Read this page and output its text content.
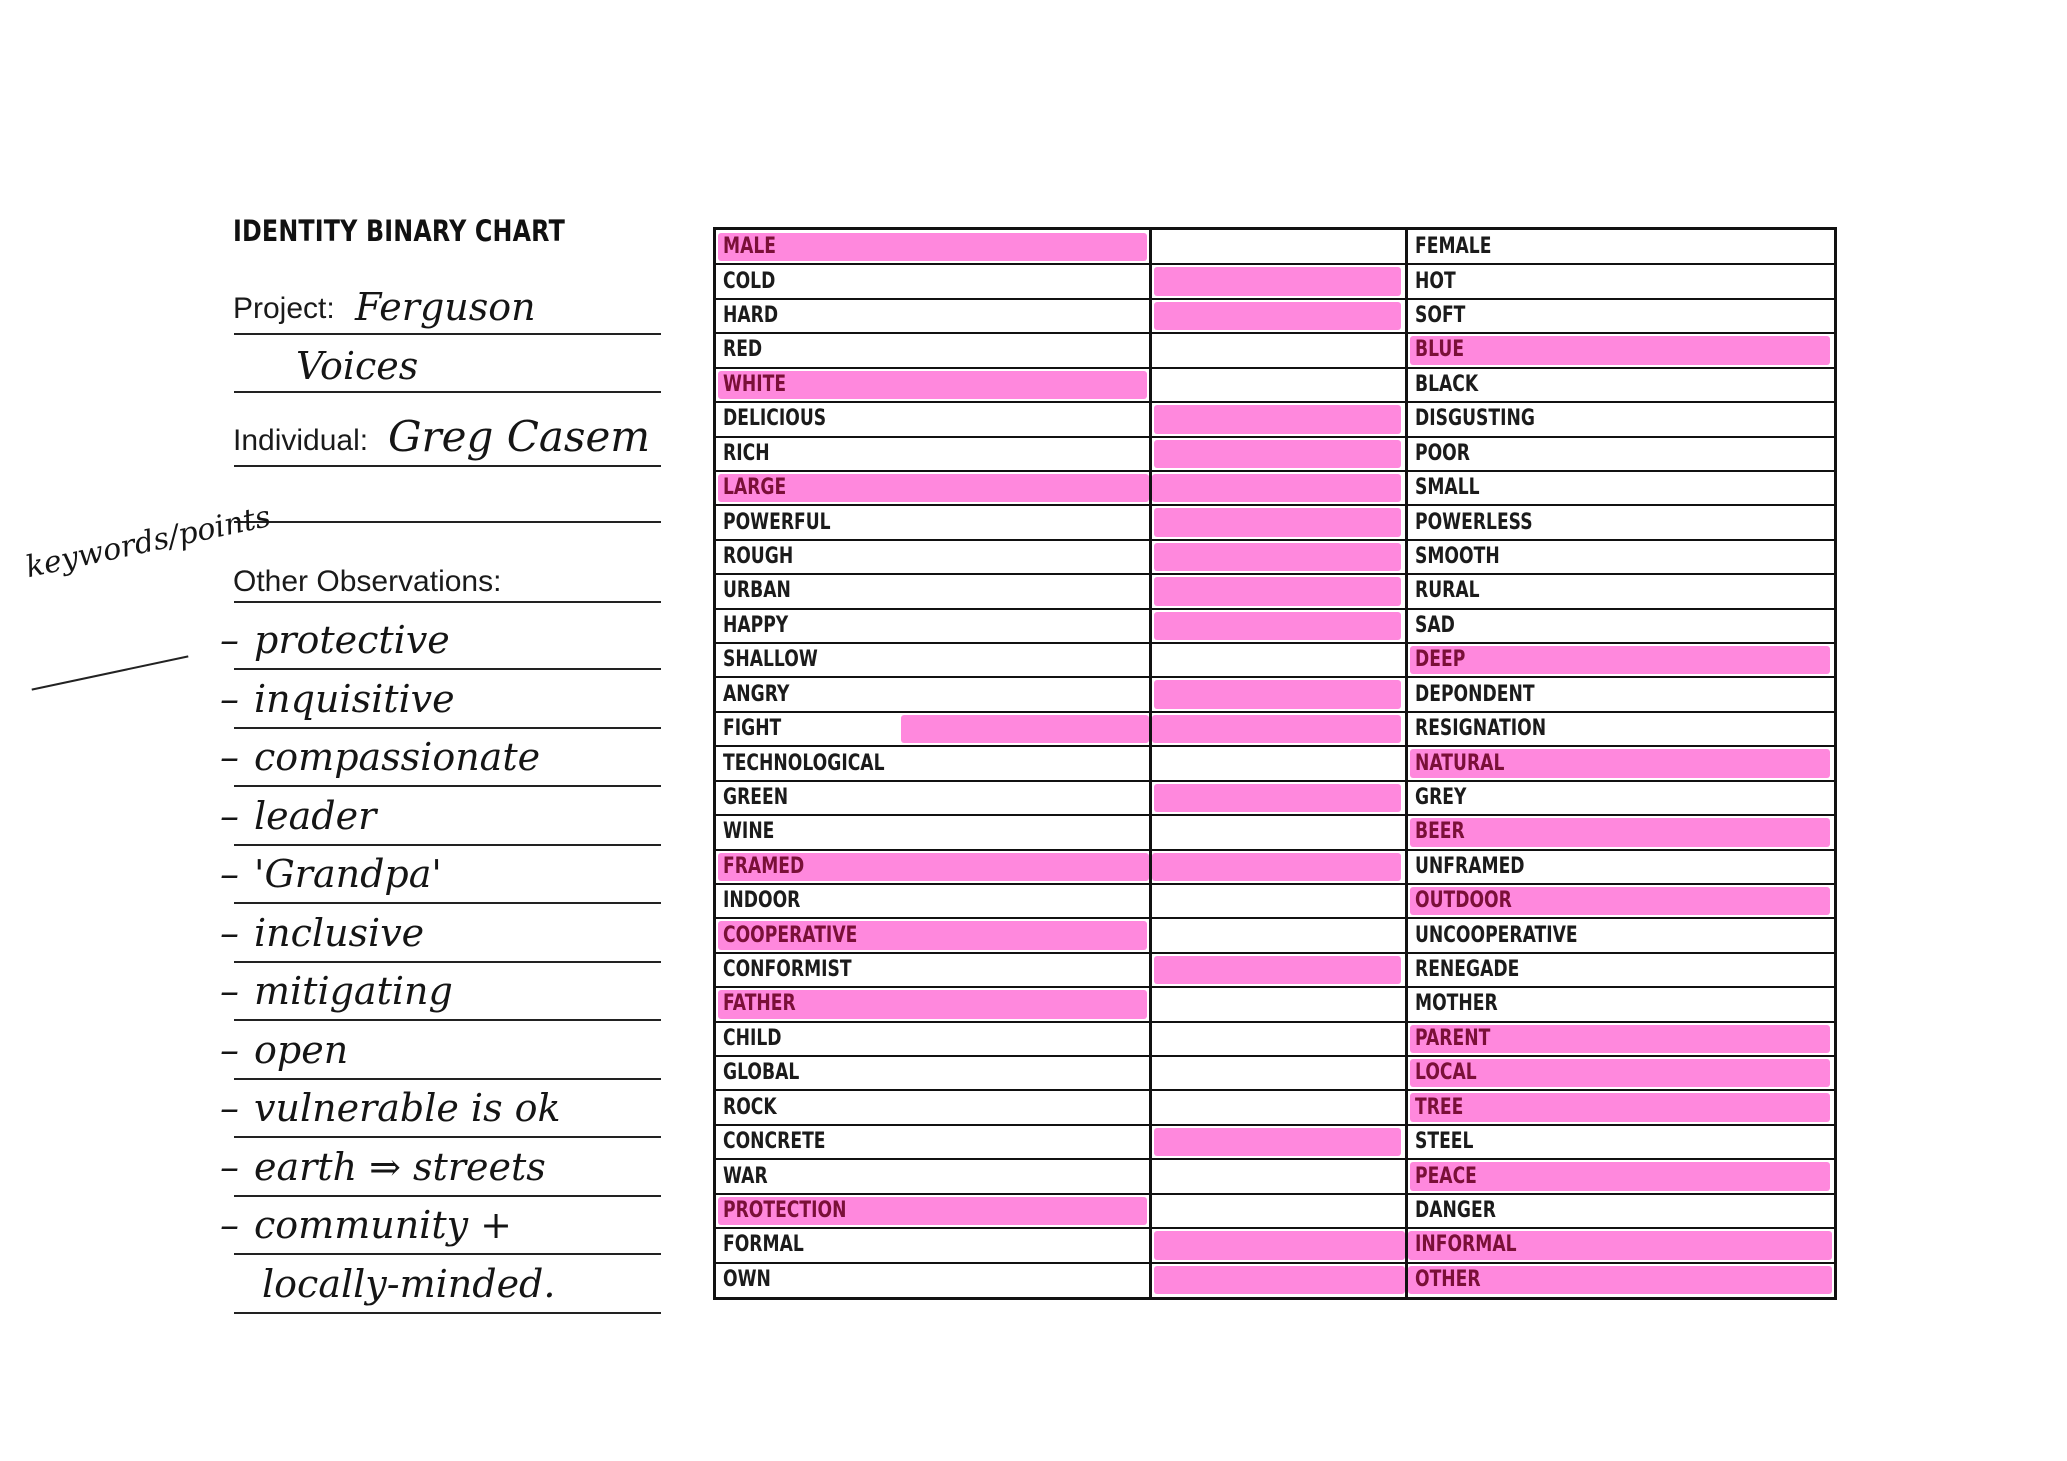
IDENTITY BINARY CHART
Project: Ferguson
Voices
Individual: Greg Casem
Other Observations:
keywords/points
– protective
– inquisitive
– compassionate
– leader
– 'Grandpa'
– inclusive
– mitigating
– open
– vulnerable is ok
– earth ⇒ streets
– community +
locally-minded.
MALE	FEMALE
COLD	HOT
HARD	SOFT
RED	BLUE
WHITE	BLACK
DELICIOUS	DISGUSTING
RICH	POOR
LARGE	SMALL
POWERFUL	POWERLESS
ROUGH	SMOOTH
URBAN	RURAL
HAPPY	SAD
SHALLOW	DEEP
ANGRY	DEPONDENT
FIGHT	RESIGNATION
TECHNOLOGICAL	NATURAL
GREEN	GREY
WINE	BEER
FRAMED	UNFRAMED
INDOOR	OUTDOOR
COOPERATIVE	UNCOOPERATIVE
CONFORMIST	RENEGADE
FATHER	MOTHER
CHILD	PARENT
GLOBAL	LOCAL
ROCK	TREE
CONCRETE	STEEL
WAR	PEACE
PROTECTION	DANGER
FORMAL	INFORMAL
OWN	OTHER
